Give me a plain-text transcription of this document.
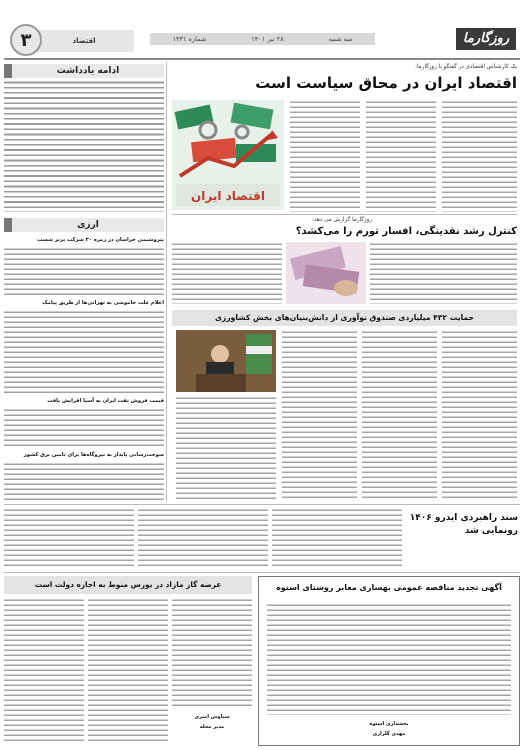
روزگارما
سه شنبه
۲۸ تیر ۱۴۰۱
شماره ۱۴۳۱
اقتصاد
۳
ادامه یادداشت
ارزی
پتروشیمی خراسان در زمره ۳۰ شرکت برتر شست
اعلام علت خاموشی به تهرانی‌ها از طریق پیامک
قیمت فروش نفت ایران به آسیا افزایش یافت
سوخت‌رسانی پایدار به نیروگاه‌ها برای تامین برق کشور
یک کارشناس اقتصادی در گفتگو با روزگارما:
اقتصاد ایران در محاق سیاست است
اقتصاد ایران
روزگارما گزارش می دهد:
کنترل رشد نقدینگی، افسار تورم را می‌کشد؟
حمایت ۴۳۲ میلیاردی صندوق نوآوری از دانش‌بنیان‌های بخش کشاورزی
سند راهبردی ایدرو ۱۴۰۶ رونمایی شد
عرضه گاز مازاد در بورس منوط به اجازه دولت است
سیاوش امیری
مدیر مجله
آگهی تجدید مناقصه عمومی بهسازی معابر روستای استوه
بخشداری استوه
مهدی گلزاری
